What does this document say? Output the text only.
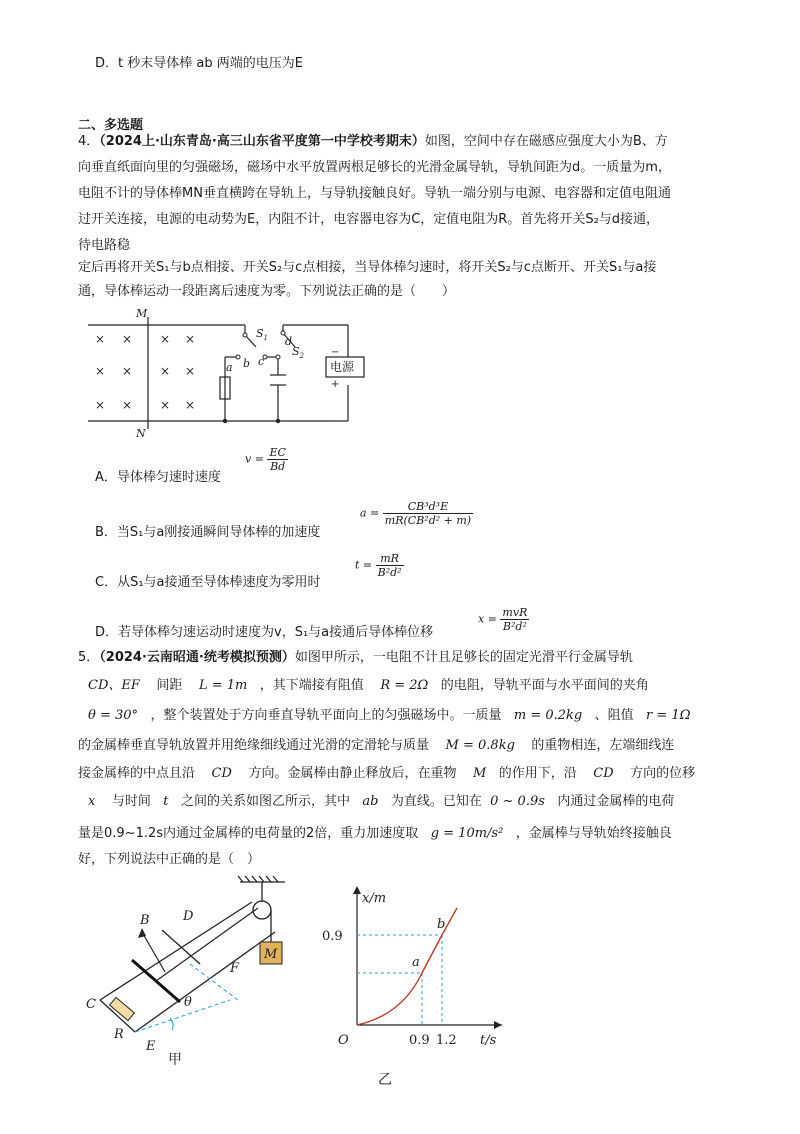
D．t 秒末导体棒 ab 两端的电压为E
二、多选题
4．（2024上·山东青岛·高三山东省平度第一中学校考期末）如图，空间中存在磁感应强度大小为B、方
向垂直纸面向里的匀强磁场，磁场中水平放置两根足够长的光滑金属导轨，导轨间距为d。一质量为m，
电阻不计的导体棒MN垂直横跨在导轨上，与导轨接触良好。导轨一端分别与电源、电容器和定值电阻通
过开关连接，电源的电动势为E，内阻不计，电容器电容为C，定值电阻为R。首先将开关S₂与d接通，
待电路稳
定后再将开关S₁与b点相接、开关S₂与c点相接，当导体棒匀速时，将开关S₂与c点断开、开关S₁与a接
通，导体棒运动一段距离后速度为零。下列说法正确的是（　　）
× × × ×
× × × ×
× × × ×
M
N
a b c
d
$S_1$
$S_2$
电源
−
+
A．导体棒匀速时速度
$v = \frac{EC}{Bd}$
B．当S₁与a刚接通瞬间导体棒的加速度
$a = \frac{\text{CB³d³E}}{\text{mR(CB²d² + m)}}$
C．从S₁与a接通至导体棒速度为零用时
$t = \frac{mR}{\text{B²d²}}$
D．若导体棒匀速运动时速度为v，S₁与a接通后导体棒位移
$x = \frac{\text{mvR}}{\text{B²d²}}$
5．（2024·云南昭通·统考模拟预测）如图甲所示，一电阻不计且足够长的固定光滑平行金属导轨
CD、EF 间距 L = 1m ，其下端接有阻值 R = 2Ω 的电阻，导轨平面与水平面间的夹角
θ = 30° ，整个装置处于方向垂直导轨平面向上的匀强磁场中。一质量 m = 0.2kg 、阻值 r = 1Ω
的金属棒垂直导轨放置并用绝缘细线通过光滑的定滑轮与质量 M = 0.8kg 的重物相连，左端细线连
接金属棒的中点且沿 CD 方向。金属棒由静止释放后，在重物 M 的作用下，沿 CD 方向的位移
x 与时间 t 之间的关系如图乙所示，其中 ab 为直线。已知在 0 ~ 0.9s 内通过金属棒的电荷
量是0.9~1.2s内通过金属棒的电荷量的2倍，重力加速度取 g = 10m/s² ，金属棒与导轨始终接触良
好，下列说法中正确的是（　）
B	D
F
C
R
E
θ
M
甲
x/m
t/s
0.9
0.9 1.2
O
a
b
乙
